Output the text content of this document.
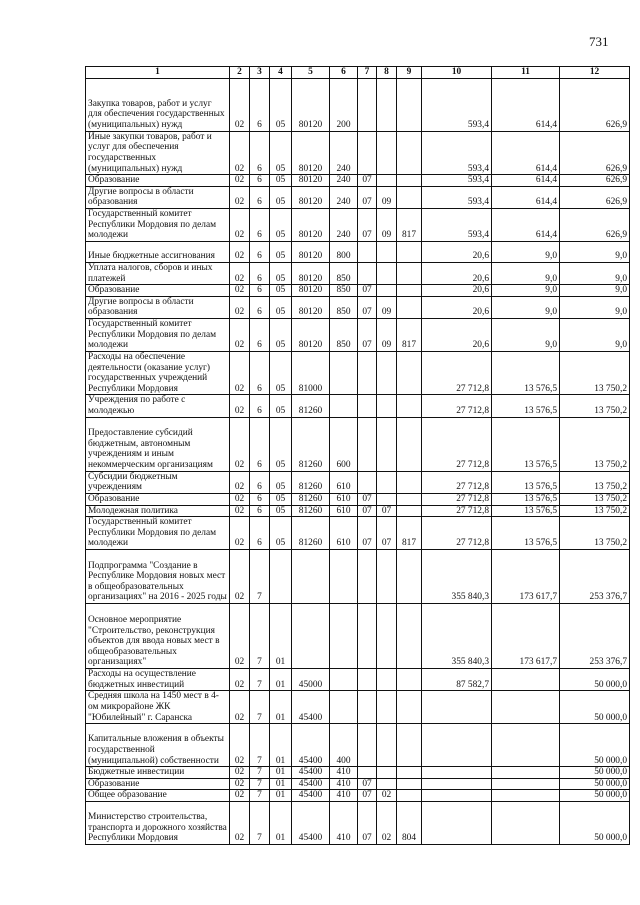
731
1	2	3	4	5	6	7	8	9	10	11	12
Закупка товаров, работ и услуг для обеспечения государственных (муниципальных) нужд	02	6	05	80120	200				593,4	614,4	626,9
Иные закупки товаров, работ и услуг для обеспечения государственных (муниципальных) нужд	02	6	05	80120	240				593,4	614,4	626,9
Образование	02	6	05	80120	240	07			593,4	614,4	626,9
Другие вопросы в области образования	02	6	05	80120	240	07	09		593,4	614,4	626,9
Государственный комитет Республики Мордовия по делам молодежи	02	6	05	80120	240	07	09	817	593,4	614,4	626,9
Иные бюджетные ассигнования	02	6	05	80120	800				20,6	9,0	9,0
Уплата налогов, сборов и иных платежей	02	6	05	80120	850				20,6	9,0	9,0
Образование	02	6	05	80120	850	07			20,6	9,0	9,0
Другие вопросы в области образования	02	6	05	80120	850	07	09		20,6	9,0	9,0
Государственный комитет Республики Мордовия по делам молодежи	02	6	05	80120	850	07	09	817	20,6	9,0	9,0
Расходы на обеспечение деятельности (оказание услуг) государственных учреждений Республики Мордовия	02	6	05	81000					27 712,8	13 576,5	13 750,2
Учреждения по работе с молодежью	02	6	05	81260					27 712,8	13 576,5	13 750,2
Предоставление субсидий бюджетным, автономным учреждениям и иным некоммерческим организациям	02	6	05	81260	600				27 712,8	13 576,5	13 750,2
Субсидии бюджетным учреждениям	02	6	05	81260	610				27 712,8	13 576,5	13 750,2
Образование	02	6	05	81260	610	07			27 712,8	13 576,5	13 750,2
Молодежная политика	02	6	05	81260	610	07	07		27 712,8	13 576,5	13 750,2
Государственный комитет Республики Мордовия по делам молодежи	02	6	05	81260	610	07	07	817	27 712,8	13 576,5	13 750,2
Подпрограмма "Создание в Республике Мордовия новых мест в общеобразовательных организациях" на 2016 - 2025 годы	02	7							355 840,3	173 617,7	253 376,7
Основное мероприятие "Строительство, реконструкция объектов для ввода новых мест в общеобразовательных организациях"	02	7	01						355 840,3	173 617,7	253 376,7
Расходы на осуществление бюджетных инвестиций	02	7	01	45000					87 582,7		50 000,0
Средняя школа на 1450 мест в 4-ом микрорайоне ЖК "Юбилейный" г. Саранска	02	7	01	45400							50 000,0
Капитальные вложения в объекты государственной (муниципальной) собственности	02	7	01	45400	400						50 000,0
Бюджетные инвестиции	02	7	01	45400	410						50 000,0
Образование	02	7	01	45400	410	07					50 000,0
Общее образование	02	7	01	45400	410	07	02				50 000,0
Министерство строительства, транспорта и дорожного хозяйства Республики Мордовия	02	7	01	45400	410	07	02	804			50 000,0
